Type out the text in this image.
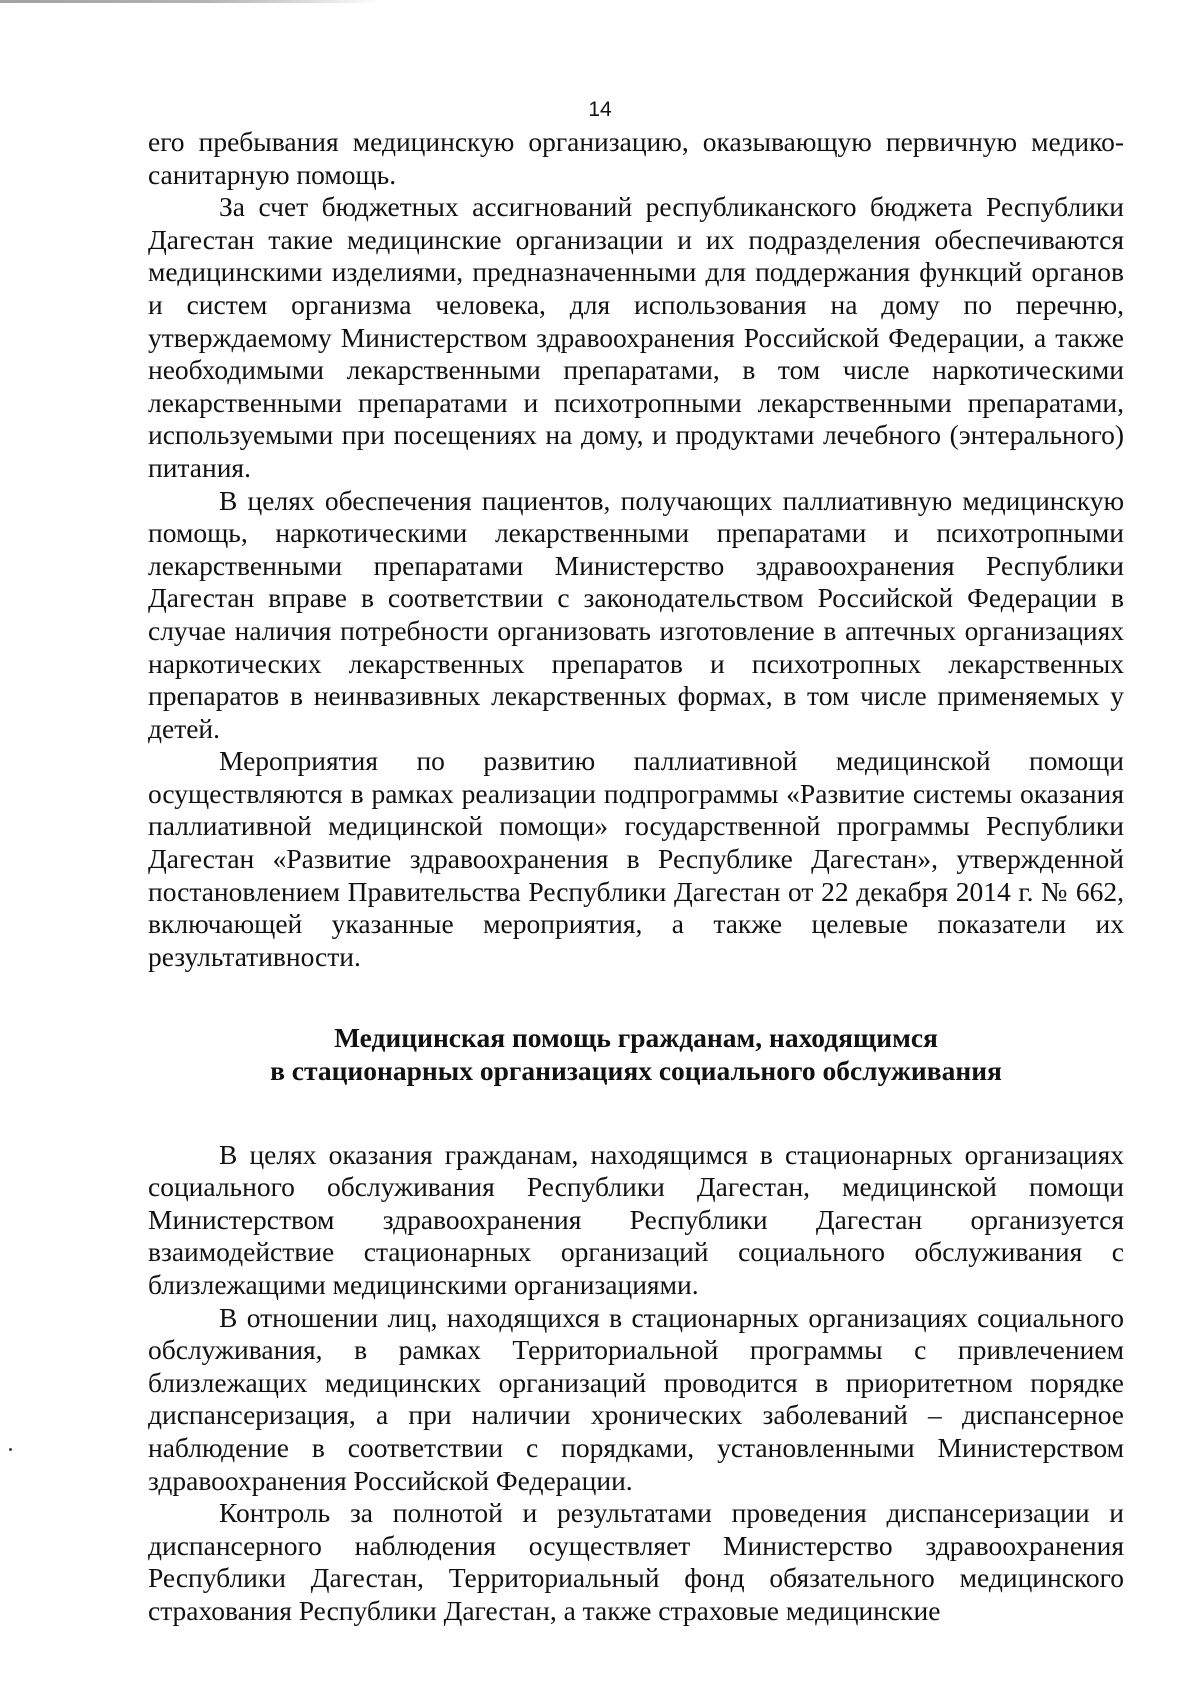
14

его пребывания медицинскую организацию, оказывающую первичную медико-санитарную помощь.

За счет бюджетных ассигнований республиканского бюджета Республики Дагестан такие медицинские организации и их подразделения обеспечиваются медицинскими изделиями, предназначенными для поддержания функций органов и систем организма человека, для использования на дому по перечню, утверждаемому Министерством здравоохранения Российской Федерации, а также необходимыми лекарственными препаратами, в том числе наркотическими лекарственными препаратами и психотропными лекарственными препаратами, используемыми при посещениях на дому, и продуктами лечебного (энтерального) питания.

В целях обеспечения пациентов, получающих паллиативную медицинскую помощь, наркотическими лекарственными препаратами и психотропными лекарственными препаратами Министерство здравоохранения Республики Дагестан вправе в соответствии с законодательством Российской Федерации в случае наличия потребности организовать изготовление в аптечных организациях наркотических лекарственных препаратов и психотропных лекарственных препаратов в неинвазивных лекарственных формах, в том числе применяемых у детей.

Мероприятия по развитию паллиативной медицинской помощи осуществляются в рамках реализации подпрограммы «Развитие системы оказания паллиативной медицинской помощи» государственной программы Республики Дагестан «Развитие здравоохранения в Республике Дагестан», утвержденной постановлением Правительства Республики Дагестан от 22 декабря 2014 г. № 662, включающей указанные мероприятия, а также целевые показатели их результативности.

Медицинская помощь гражданам, находящимся

в стационарных организациях социального обслуживания

В целях оказания гражданам, находящимся в стационарных организациях социального обслуживания Республики Дагестан, медицинской помощи Министерством здравоохранения Республики Дагестан организуется взаимодействие стационарных организаций социального обслуживания с близлежащими медицинскими организациями.

В отношении лиц, находящихся в стационарных организациях социального обслуживания, в рамках Территориальной программы с привлечением близлежащих медицинских организаций проводится в приоритетном порядке диспансеризация, а при наличии хронических заболеваний – диспансерное наблюдение в соответствии с порядками, установленными Министерством здравоохранения Российской Федерации.

Контроль за полнотой и результатами проведения диспансеризации и диспансерного наблюдения осуществляет Министерство здравоохранения Республики Дагестан, Территориальный фонд обязательного медицинского страхования Республики Дагестан, а также страховые медицинские
